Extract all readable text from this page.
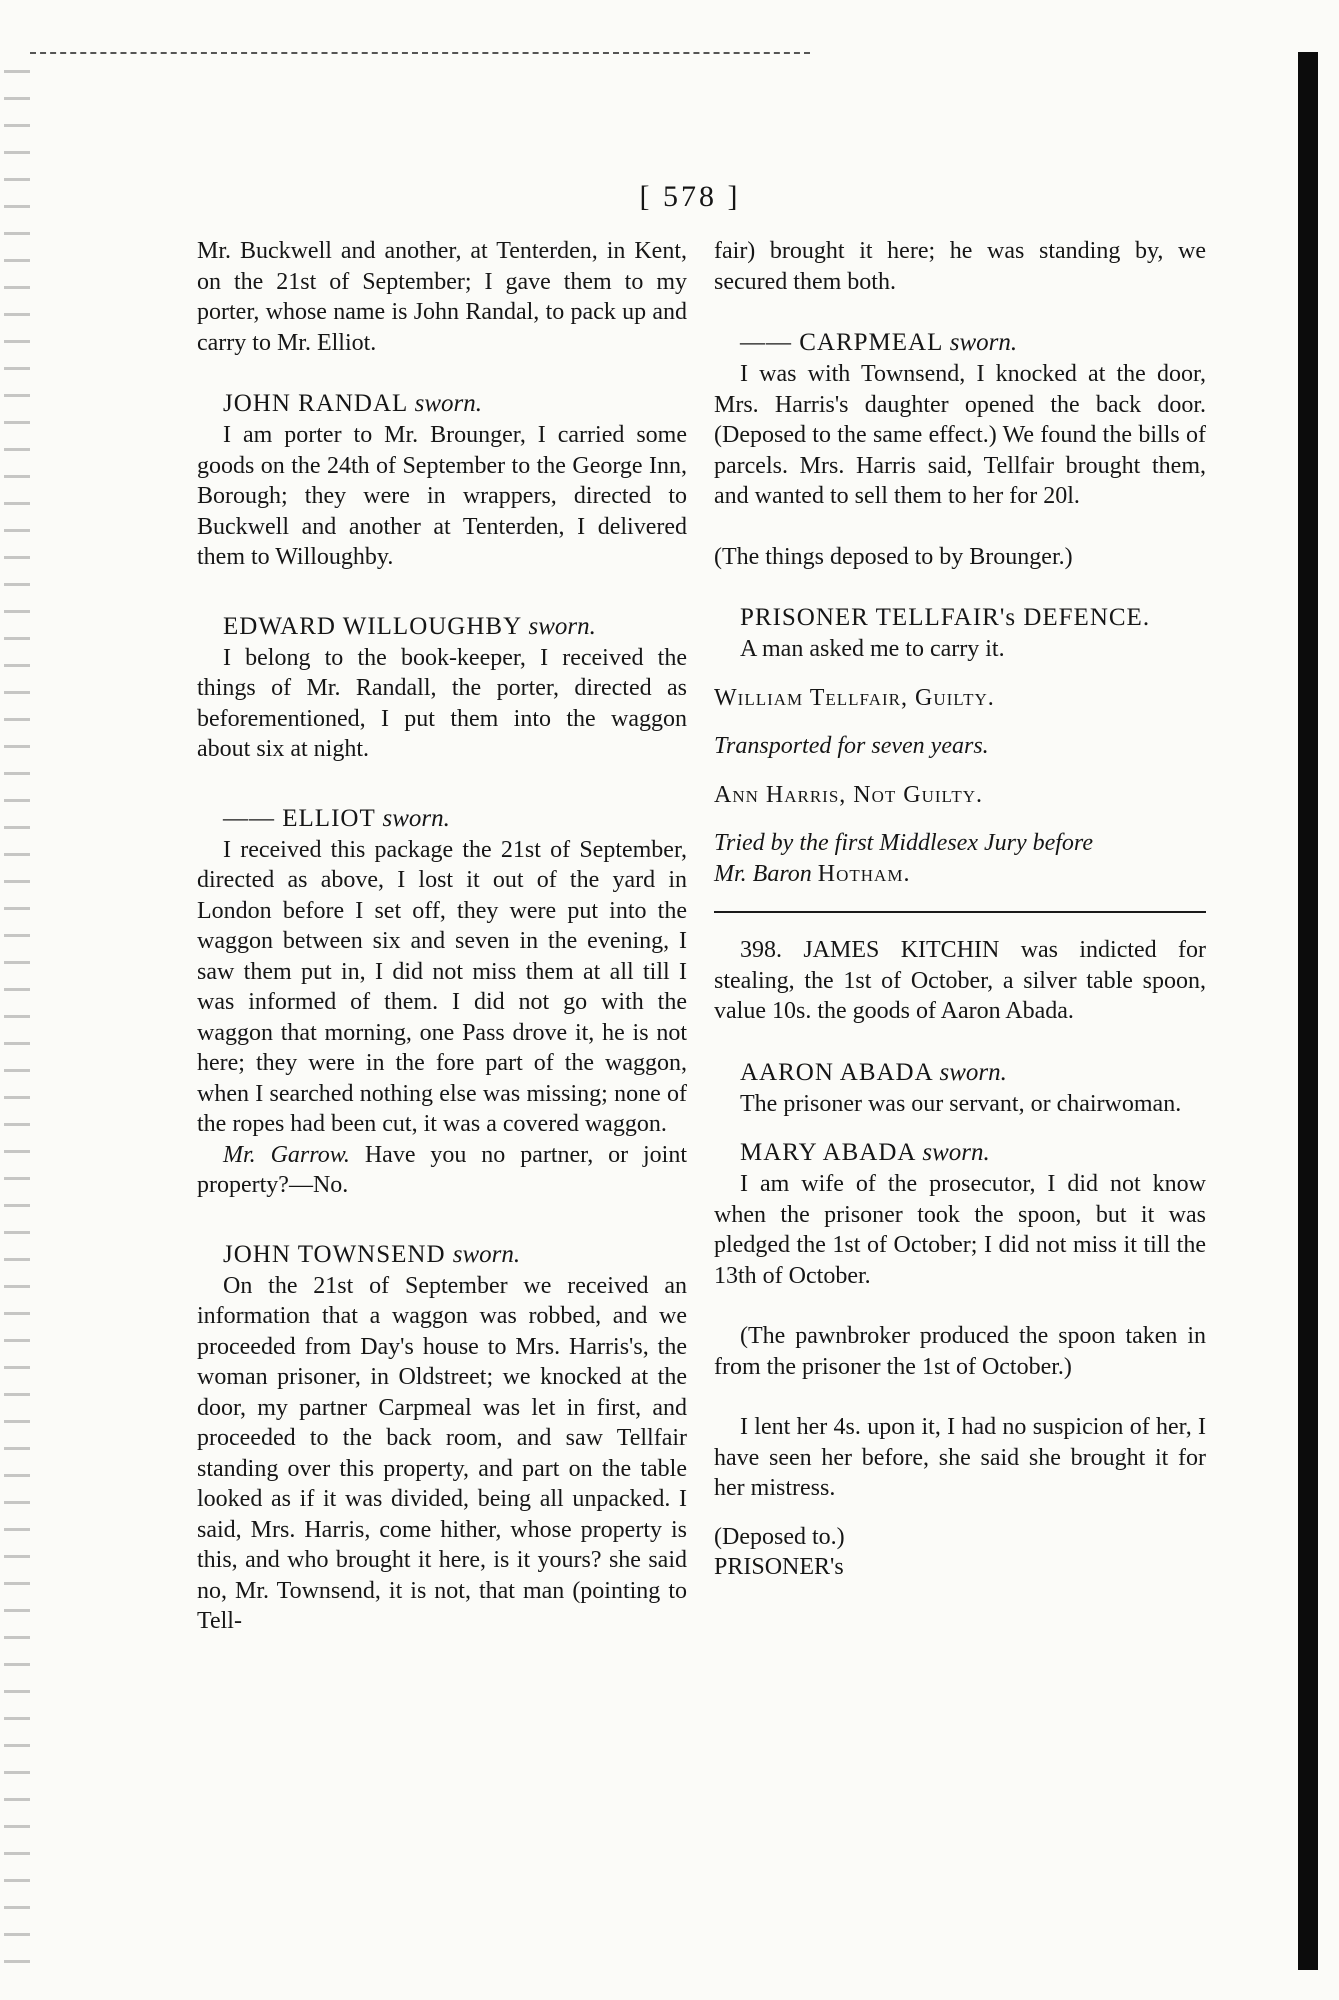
[ 578 ]

Mr. Buckwell and another, at Tenterden, in Kent, on the 21st of September; I gave them to my porter, whose name is John Randal, to pack up and carry to Mr. Elliot.

JOHN RANDAL sworn.

I am porter to Mr. Brounger, I carried some goods on the 24th of September to the George Inn, Borough; they were in wrappers, directed to Buckwell and another at Tenterden, I delivered them to Willoughby.

EDWARD WILLOUGHBY sworn.

I belong to the book-keeper, I received the things of Mr. Randall, the porter, directed as beforementioned, I put them into the waggon about six at night.

—— ELLIOT sworn.

I received this package the 21st of September, directed as above, I lost it out of the yard in London before I set off, they were put into the waggon between six and seven in the evening, I saw them put in, I did not miss them at all till I was informed of them. I did not go with the waggon that morning, one Pass drove it, he is not here; they were in the fore part of the waggon, when I searched nothing else was missing; none of the ropes had been cut, it was a covered waggon.

Mr. Garrow. Have you no partner, or joint property?—No.

JOHN TOWNSEND sworn.

On the 21st of September we received an information that a waggon was robbed, and we proceeded from Day's house to Mrs. Harris's, the woman prisoner, in Oldstreet; we knocked at the door, my partner Carpmeal was let in first, and proceeded to the back room, and saw Tellfair standing over this property, and part on the table looked as if it was divided, being all unpacked. I said, Mrs. Harris, come hither, whose property is this, and who brought it here, is it yours? she said no, Mr. Townsend, it is not, that man (pointing to Tell-

fair) brought it here; he was standing by, we secured them both.

—— CARPMEAL sworn.

I was with Townsend, I knocked at the door, Mrs. Harris's daughter opened the back door. (Deposed to the same effect.) We found the bills of parcels. Mrs. Harris said, Tellfair brought them, and wanted to sell them to her for 20l.

(The things deposed to by Brounger.)

PRISONER TELLFAIR's DEFENCE.

A man asked me to carry it.

William Tellfair, Guilty.

Transported for seven years.

Ann Harris, Not Guilty.

Tried by the first Middlesex Jury before

Mr. Baron Hotham.

398. JAMES KITCHIN was indicted for stealing, the 1st of October, a silver table spoon, value 10s. the goods of Aaron Abada.

AARON ABADA sworn.

The prisoner was our servant, or chairwoman.

MARY ABADA sworn.

I am wife of the prosecutor, I did not know when the prisoner took the spoon, but it was pledged the 1st of October; I did not miss it till the 13th of October.

(The pawnbroker produced the spoon taken in from the prisoner the 1st of October.)

I lent her 4s. upon it, I had no suspicion of her, I have seen her before, she said she brought it for her mistress.

(Deposed to.)

PRISONER's
